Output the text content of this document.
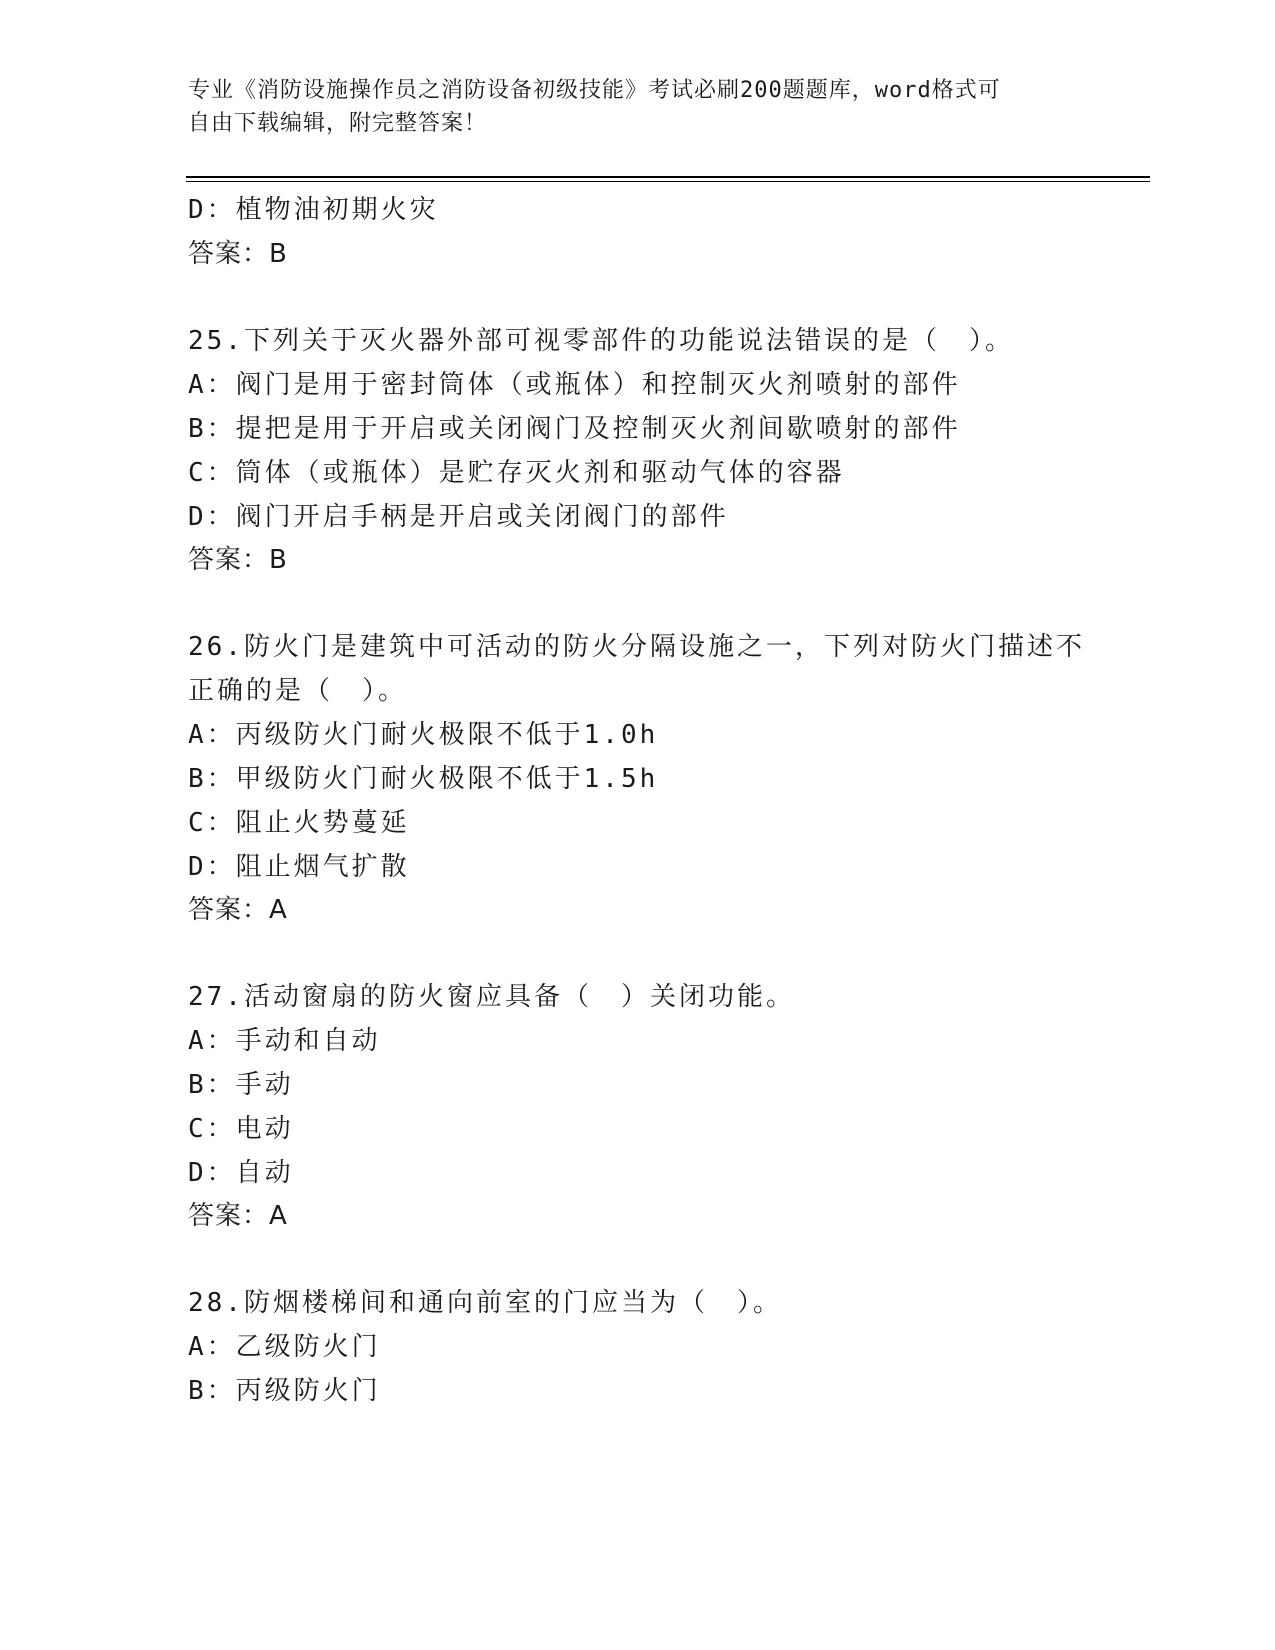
专业《消防设施操作员之消防设备初级技能》考试必刷200题题库，word格式可
自由下载编辑，附完整答案！
D：植物油初期火灾
答案：B
25.下列关于灭火器外部可视零部件的功能说法错误的是（　）。
A：阀门是用于密封筒体（或瓶体）和控制灭火剂喷射的部件
B：提把是用于开启或关闭阀门及控制灭火剂间歇喷射的部件
C：筒体（或瓶体）是贮存灭火剂和驱动气体的容器
D：阀门开启手柄是开启或关闭阀门的部件
答案：B
26.防火门是建筑中可活动的防火分隔设施之一，下列对防火门描述不
正确的是（　）。
A：丙级防火门耐火极限不低于1.0h
B：甲级防火门耐火极限不低于1.5h
C：阻止火势蔓延
D：阻止烟气扩散
答案：A
27.活动窗扇的防火窗应具备（　）关闭功能。
A：手动和自动
B：手动
C：电动
D：自动
答案：A
28.防烟楼梯间和通向前室的门应当为（　）。
A：乙级防火门
B：丙级防火门
